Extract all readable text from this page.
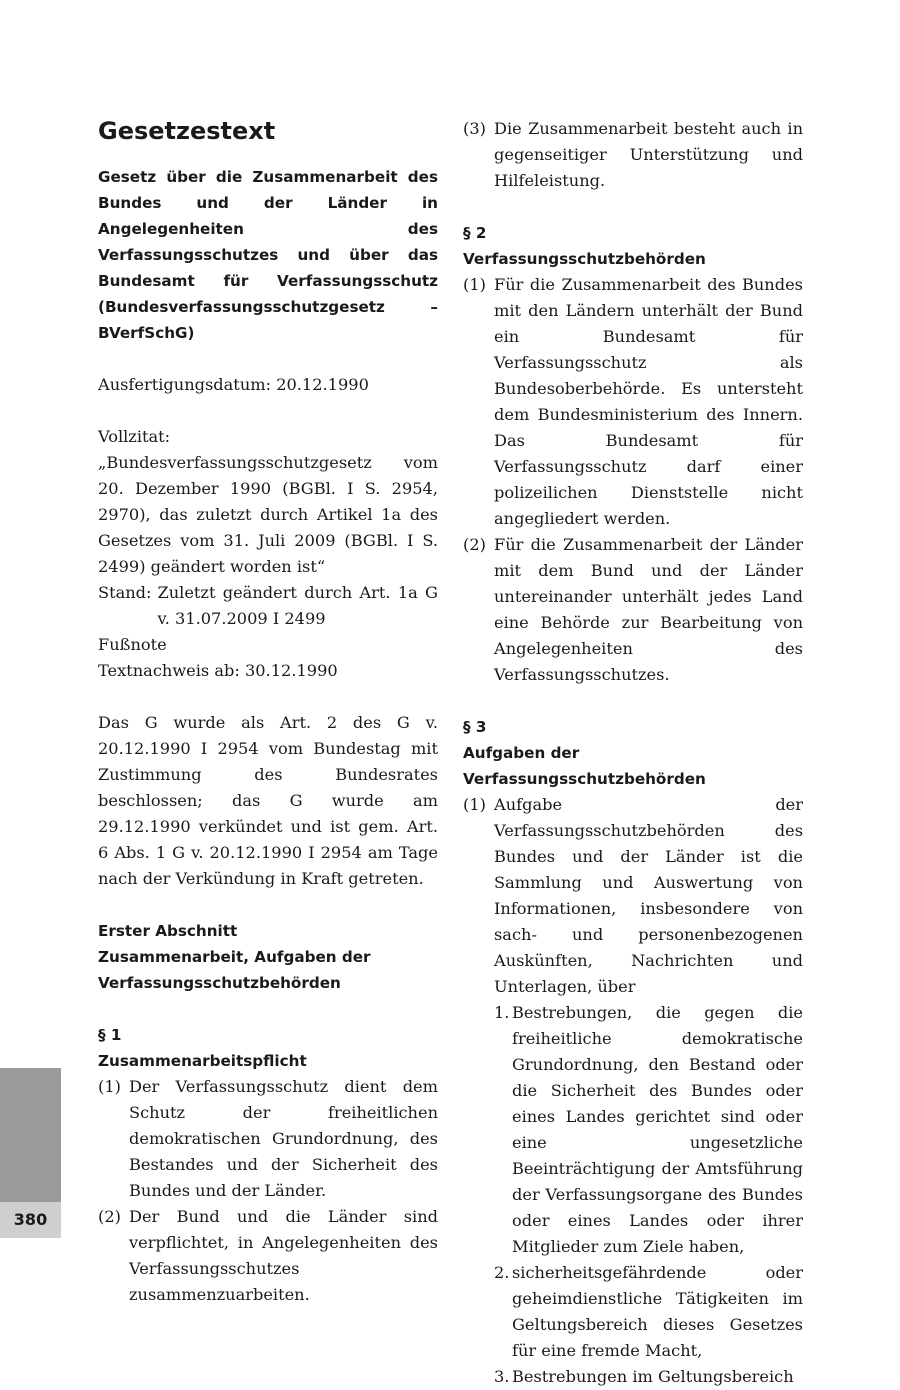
Gesetzestext
Gesetz über die Zusammenarbeit des Bundes und der Länder in Angelegenheiten des Verfassungsschutzes und über das Bundesamt für Verfassungsschutz (Bundesverfassungsschutzgesetz – BVerfSchG)
Ausfertigungsdatum: 20.12.1990

Vollzitat:

„Bundesverfassungsschutzgesetz vom 20. Dezember 1990 (BGBl. I S. 2954, 2970), das zuletzt durch Artikel 1a des Gesetzes vom 31. Juli 2009 (BGBl. I S. 2499) geändert worden ist“

Stand: Zuletzt geändert durch Art. 1a G v. 31.07.2009 I 2499

Fußnote

Textnachweis ab: 30.12.1990

Das G wurde als Art. 2 des G v. 20.12.1990 I 2954 vom Bundestag mit Zustimmung des Bundesrates beschlossen; das G wurde am 29.12.1990 verkündet und ist gem. Art. 6 Abs. 1 G v. 20.12.1990 I 2954 am Tage nach der Verkündung in Kraft getreten.
Erster Abschnitt
Zusammenarbeit, Aufgaben der Verfassungsschutzbehörden
§ 1
Zusammenarbeitspflicht
(1) Der Verfassungsschutz dient dem Schutz der freiheitlichen demokratischen Grundordnung, des Bestandes und der Sicherheit des Bundes und der Länder.
(2) Der Bund und die Länder sind verpflichtet, in Angelegenheiten des Verfassungsschutzes zusammenzuarbeiten.
(3) Die Zusammenarbeit besteht auch in gegenseitiger Unterstützung und Hilfeleistung.
§ 2
Verfassungsschutzbehörden
(1) Für die Zusammenarbeit des Bundes mit den Ländern unterhält der Bund ein Bundesamt für Verfassungsschutz als Bundesoberbehörde. Es untersteht dem Bundesministerium des Innern. Das Bundesamt für Verfassungsschutz darf einer polizeilichen Dienststelle nicht angegliedert werden.
(2) Für die Zusammenarbeit der Länder mit dem Bund und der Länder untereinander unterhält jedes Land eine Behörde zur Bearbeitung von Angelegenheiten des Verfassungsschutzes.
§ 3
Aufgaben der Verfassungsschutzbehörden
(1) Aufgabe der Verfassungsschutzbehörden des Bundes und der Länder ist die Sammlung und Auswertung von Informationen, insbesondere von sach- und personenbezogenen Auskünften, Nachrichten und Unterlagen, über
1. Bestrebungen, die gegen die freiheitliche demokratische Grundordnung, den Bestand oder die Sicherheit des Bundes oder eines Landes gerichtet sind oder eine ungesetzliche Beeinträchtigung der Amtsführung der Verfassungsorgane des Bundes oder eines Landes oder ihrer Mitglieder zum Ziele haben,
2. sicherheitsgefährdende oder geheimdienstliche Tätigkeiten im Geltungsbereich dieses Gesetzes für eine fremde Macht,
3. Bestrebungen im Geltungsbereich
380
